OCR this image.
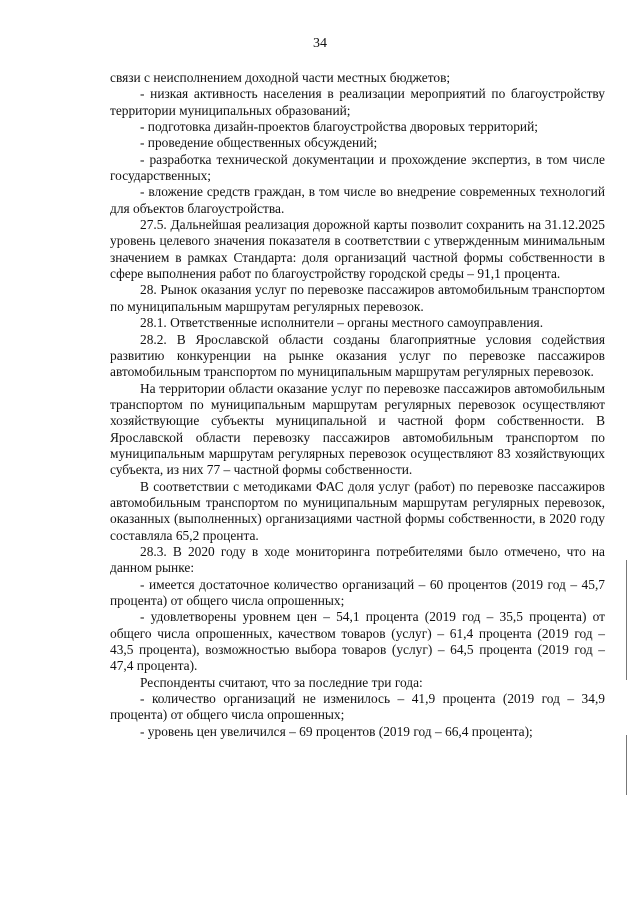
34

связи с неисполнением доходной части местных бюджетов;

- низкая активность населения в реализации мероприятий по благоустройству территории муниципальных образований;

- подготовка дизайн-проектов благоустройства дворовых территорий;

- проведение общественных обсуждений;

- разработка технической документации и прохождение экспертиз, в том числе государственных;

- вложение средств граждан, в том числе во внедрение современных технологий для объектов благоустройства.

27.5. Дальнейшая реализация дорожной карты позволит сохранить на 31.12.2025 уровень целевого значения показателя в соответствии с утвержденным минимальным значением в рамках Стандарта: доля организаций частной формы собственности в сфере выполнения работ по благоустройству городской среды – 91,1 процента.

28. Рынок оказания услуг по перевозке пассажиров автомобильным транспортом по муниципальным маршрутам регулярных перевозок.

28.1. Ответственные исполнители – органы местного самоуправления.

28.2. В Ярославской области созданы благоприятные условия содействия развитию конкуренции на рынке оказания услуг по перевозке пассажиров автомобильным транспортом по муниципальным маршрутам регулярных перевозок.

На территории области оказание услуг по перевозке пассажиров автомобильным транспортом по муниципальным маршрутам регулярных перевозок осуществляют хозяйствующие субъекты муниципальной и частной форм собственности. В Ярославской области перевозку пассажиров автомобильным транспортом по муниципальным маршрутам регулярных перевозок осуществляют 83 хозяйствующих субъекта, из них 77 – частной формы собственности.

В соответствии с методиками ФАС доля услуг (работ) по перевозке пассажиров автомобильным транспортом по муниципальным маршрутам регулярных перевозок, оказанных (выполненных) организациями частной формы собственности, в 2020 году составляла 65,2 процента.

28.3. В 2020 году в ходе мониторинга потребителями было отмечено, что на данном рынке:

- имеется достаточное количество организаций – 60 процентов (2019 год – 45,7 процента) от общего числа опрошенных;

- удовлетворены уровнем цен – 54,1 процента (2019 год – 35,5 процента) от общего числа опрошенных, качеством товаров (услуг) – 61,4 процента (2019 год – 43,5 процента), возможностью выбора товаров (услуг) – 64,5 процента (2019 год – 47,4 процента).

Респонденты считают, что за последние три года:

- количество организаций не изменилось – 41,9 процента (2019 год – 34,9 процента) от общего числа опрошенных;

- уровень цен увеличился – 69 процентов (2019 год – 66,4 процента);
